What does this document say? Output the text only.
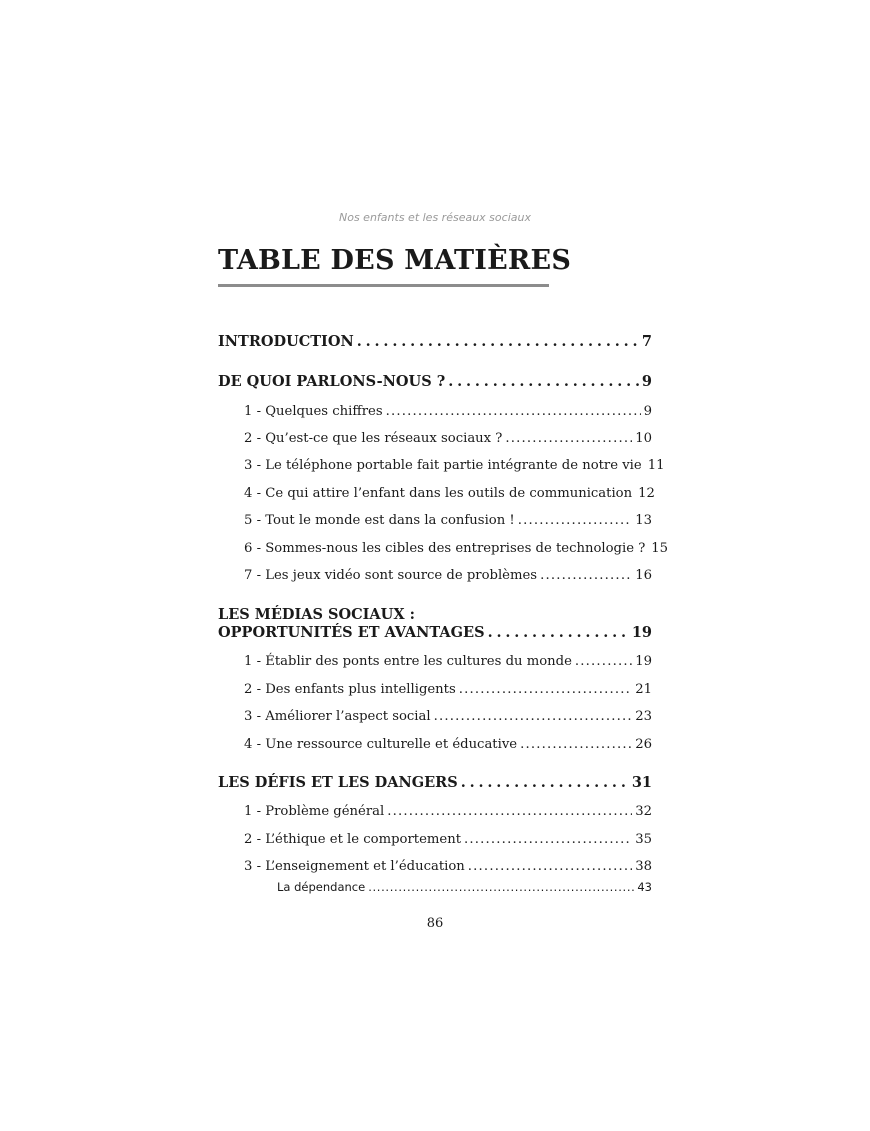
Nos enfants et les réseaux sociaux
TABLE DES MATIÈRES
INTRODUCTION . . .	7
DE QUOI PARLONS-NOUS ? . . .	9
1 - Quelques chiffres . . .	9
2 - Qu’est-ce que les réseaux sociaux ? . . .	10
3 - Le téléphone portable fait partie intégrante de notre vie 11
4 - Ce qui attire l’enfant dans les outils de communication 12
5 - Tout le monde est dans la confusion ! . . .	13
6 - Sommes-nous les cibles des entreprises de technologie ? 15
7 - Les jeux vidéo sont source de problèmes . . .	16
LES MÉDIAS SOCIAUX :
OPPORTUNITÉS ET AVANTAGES . . .	19
1 - Établir des ponts entre les cultures du monde . . .	19
2 - Des enfants plus intelligents . . .	21
3 - Améliorer l’aspect social . . .	23
4 - Une ressource culturelle et éducative . . .	26
LES DÉFIS ET LES DANGERS . . .	31
1 - Problème général . . .	32
2 - L’éthique et le comportement . . .	35
3 - L’enseignement et l’éducation . . .	38
La dépendance . . .	43
86
